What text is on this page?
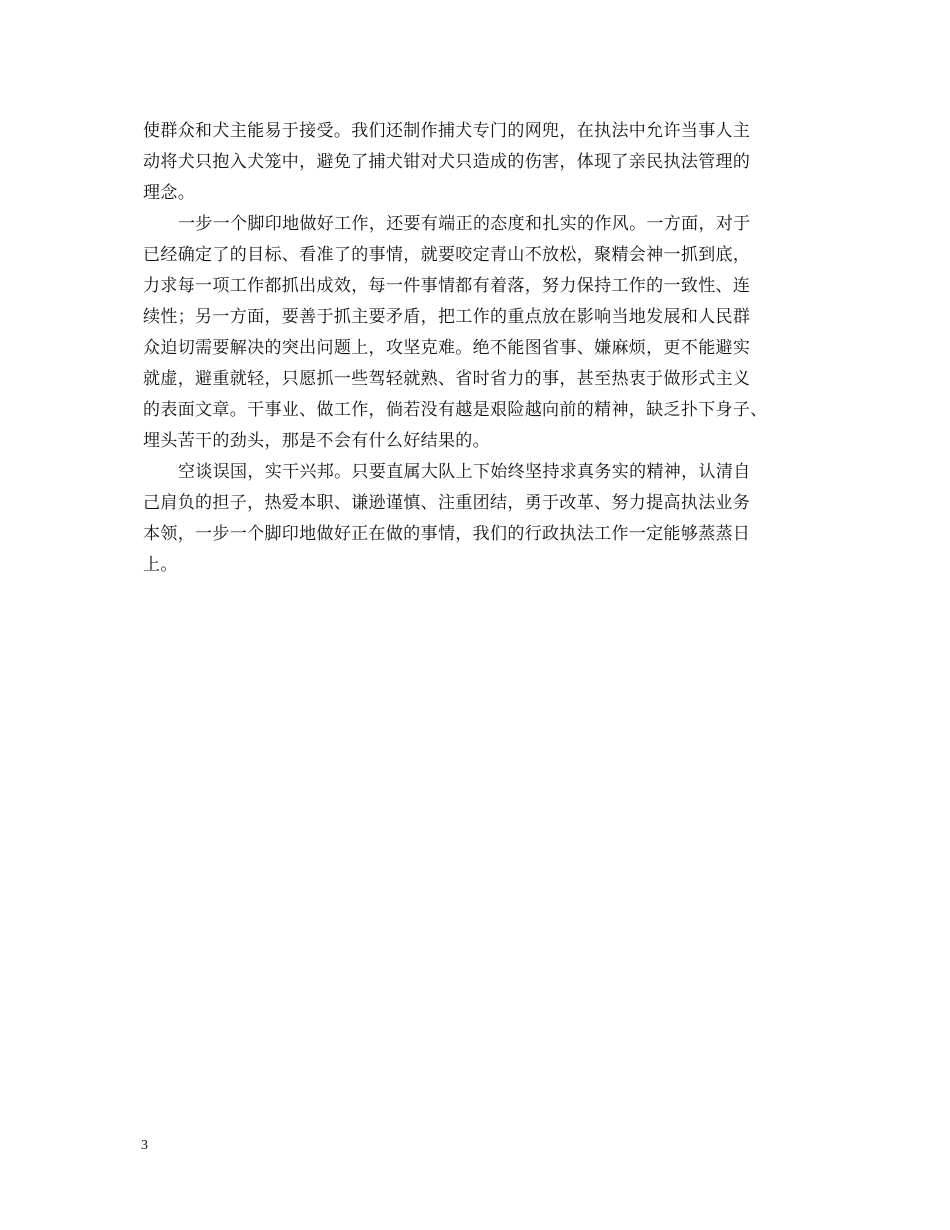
使群众和犬主能易于接受。我们还制作捕犬专门的网兜，在执法中允许当事人主
动将犬只抱入犬笼中，避免了捕犬钳对犬只造成的伤害，体现了亲民执法管理的
理念。
一步一个脚印地做好工作，还要有端正的态度和扎实的作风。一方面，对于
已经确定了的目标、看准了的事情，就要咬定青山不放松，聚精会神一抓到底，
力求每一项工作都抓出成效，每一件事情都有着落，努力保持工作的一致性、连
续性；另一方面，要善于抓主要矛盾，把工作的重点放在影响当地发展和人民群
众迫切需要解决的突出问题上，攻坚克难。绝不能图省事、嫌麻烦，更不能避实
就虚，避重就轻，只愿抓一些驾轻就熟、省时省力的事，甚至热衷于做形式主义
的表面文章。干事业、做工作，倘若没有越是艰险越向前的精神，缺乏扑下身子、
埋头苦干的劲头，那是不会有什么好结果的。
空谈误国，实干兴邦。只要直属大队上下始终坚持求真务实的精神，认清自
己肩负的担子，热爱本职、谦逊谨慎、注重团结，勇于改革、努力提高执法业务
本领，一步一个脚印地做好正在做的事情，我们的行政执法工作一定能够蒸蒸日
上。
3
